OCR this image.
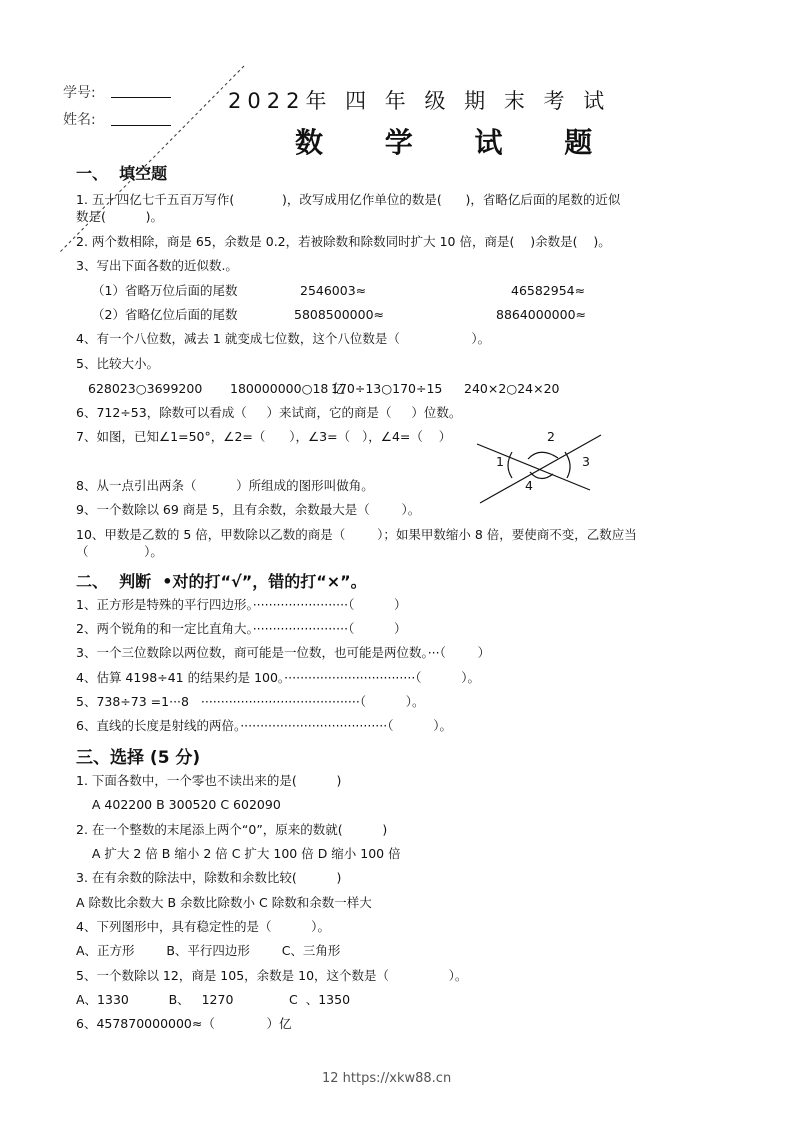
学号:
姓名:
2022年 四 年 级 期 末 考 试
数 学 试 题
一、  填空题
1. 五十四亿七千五百万写作(            )，改写成用亿作单位的数是(      )，省略亿后面的尾数的近似
数是(          )。
2. 两个数相除，商是 65，余数是 0.2，若被除数和除数同时扩大 10 倍，商是(    )余数是(    )。
3、写出下面各数的近似数.。
（1）省略万位后面的尾数	2546003≈	46582954≈
（2）省略亿位后面的尾数	5808500000≈	8864000000≈
4、有一个八位数，减去 1 就变成七位数，这个八位数是（                  ）。
5、比较大小。
628023○3699200 180000000○18 亿
170÷13○170÷15 240×2○24×20
6、712÷53，除数可以看成（     ）来试商，它的商是（     ）位数。
7、如图，已知∠1=50°，∠2=（      ），∠3=（   ），∠4=（    ）
1
2
3
4
8、从一点引出两条（          ）所组成的图形叫做角。
9、一个数除以 69 商是 5，且有余数，余数最大是（        ）。
10、甲数是乙数的 5 倍，甲数除以乙数的商是（        ）；如果甲数缩小 8 倍，要使商不变，乙数应当
（              ）。
二、  判断  •对的打“√”，错的打“×”。
1、正方形是特殊的平行四边形。························（          ）
2、两个锐角的和一定比直角大。························（          ）
3、一个三位数除以两位数，商可能是一位数，也可能是两位数。···（        ）
4、估算 4198÷41 的结果约是 100。·································（          ）。
5、738÷73 =1···8   ········································（          ）。
6、直线的长度是射线的两倍。·····································（          ）。
三、选择 (5 分)
1. 下面各数中，一个零也不读出来的是(          )
A 402200 B 300520 C 602090
2. 在一个整数的末尾添上两个“0”，原来的数就(          )
A 扩大 2 倍 B 缩小 2 倍 C 扩大 100 倍 D 缩小 100 倍
3. 在有余数的除法中，除数和余数比较(          )
A 除数比余数大 B 余数比除数小 C 除数和余数一样大
4、下列图形中，具有稳定性的是（          ）。
A、正方形        B、平行四边形        C、三角形
5、一个数除以 12，商是 105，余数是 10，这个数是（               ）。
A、1330          B、   1270              C  、1350
6、457870000000≈（             ）亿
12 https://xkw88.cn
